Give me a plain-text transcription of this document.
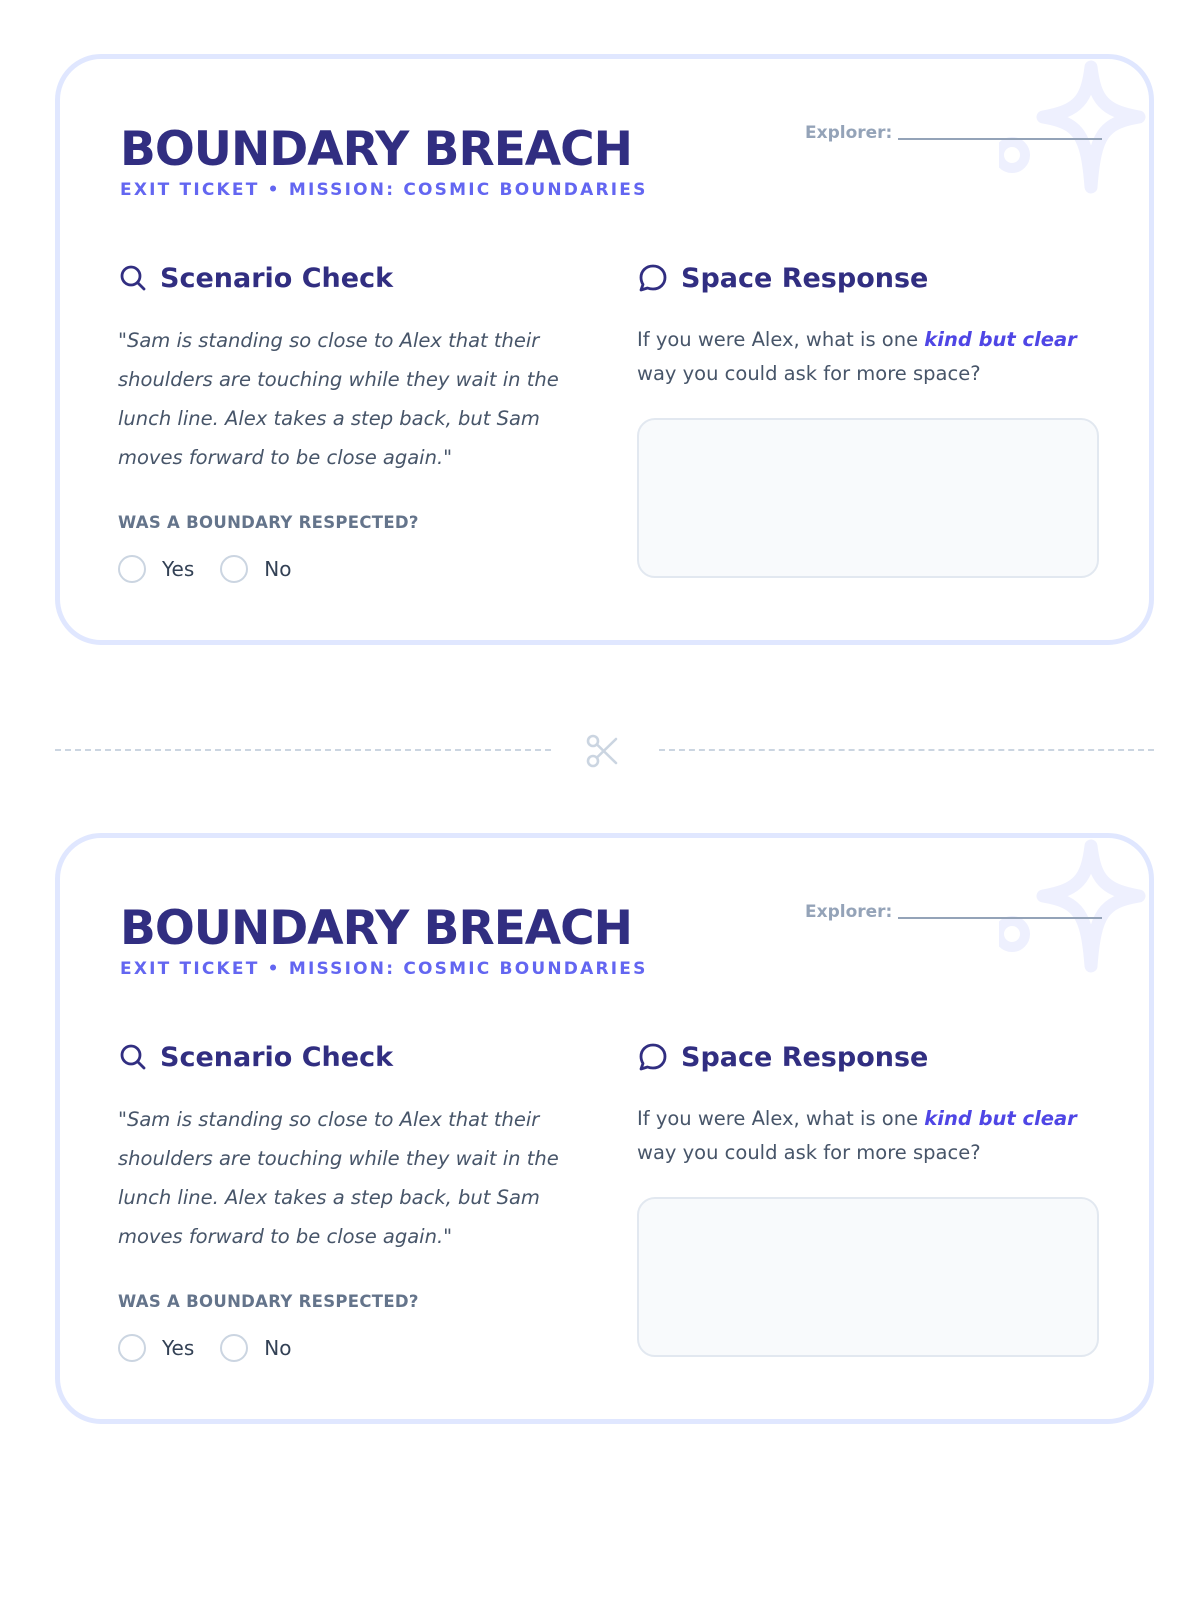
Explorer:
BOUNDARY BREACH
EXIT TICKET • MISSION: COSMIC BOUNDARIES
Scenario Check

"Sam is standing so close to Alex that their shoulders are touching while they wait in the lunch line. Alex takes a step back, but Sam moves forward to be close again."

WAS A BOUNDARY RESPECTED?
Yes	No
Space Response

If you were Alex, what is one kind but clear way you could ask for more space?

Explorer:
BOUNDARY BREACH
EXIT TICKET • MISSION: COSMIC BOUNDARIES
Scenario Check

"Sam is standing so close to Alex that their shoulders are touching while they wait in the lunch line. Alex takes a step back, but Sam moves forward to be close again."

WAS A BOUNDARY RESPECTED?
Yes	No
Space Response

If you were Alex, what is one kind but clear way you could ask for more space?
